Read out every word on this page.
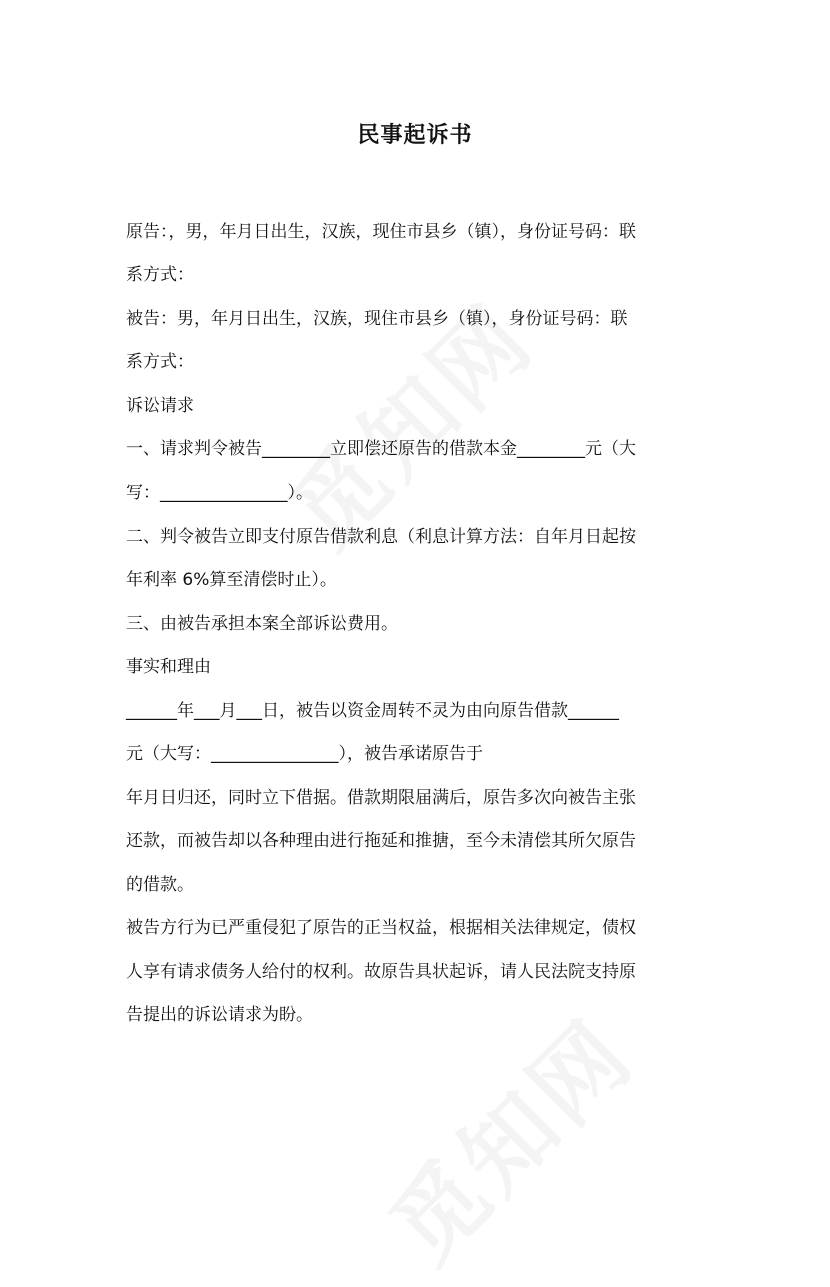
民事起诉书
原告：，男，年月日出生，汉族，现住市县乡（镇），身份证号码：联
系方式：
被告：男，年月日出生，汉族，现住市县乡（镇），身份证号码：联
系方式：
诉讼请求
一、请求判令被告________立即偿还原告的借款本金________元（大
写：_______________）。
二、判令被告立即支付原告借款利息（利息计算方法：自年月日起按
年利率 6%算至清偿时止）。
三、由被告承担本案全部诉讼费用。
事实和理由
______年___月___日，被告以资金周转不灵为由向原告借款______
元（大写：_______________），被告承诺原告于
年月日归还，同时立下借据。借款期限届满后，原告多次向被告主张
还款，而被告却以各种理由进行拖延和推搪，至今未清偿其所欠原告
的借款。
被告方行为已严重侵犯了原告的正当权益，根据相关法律规定，债权
人享有请求债务人给付的权利。故原告具状起诉，请人民法院支持原
告提出的诉讼请求为盼。
